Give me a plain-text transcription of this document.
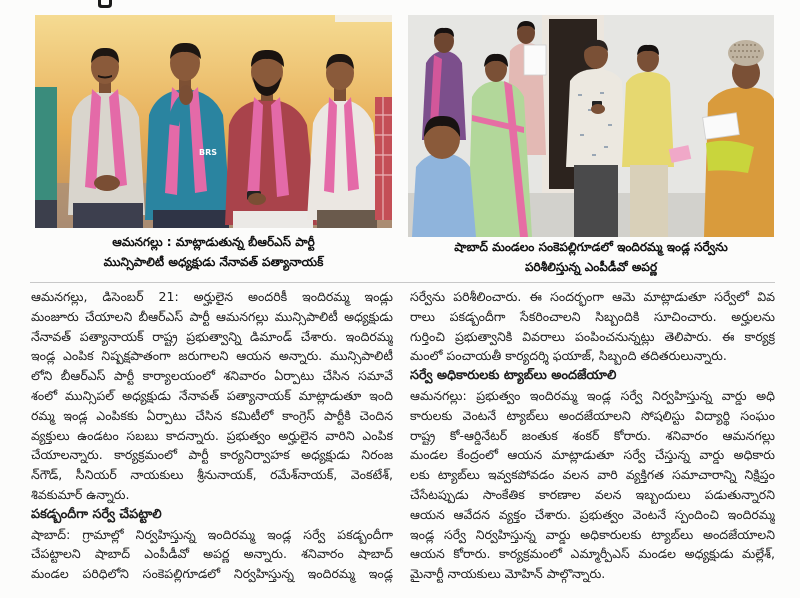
BRS
ఆమనగల్లు : మాట్లాడుతున్న బీఆర్ఎస్ పార్టీ
మున్సిపాలిటీ అధ్యక్షుడు నేనావత్ పత్యానాయక్
షాబాద్ మండలం సంకెపల్లిగూడలో ఇందిరమ్మ ఇండ్ల సర్వేను
పరిశీలిస్తున్న ఎంపీడీవో అపర్ణ
ఆమనగల్లు, డిసెంబర్ 21: అర్హులైన అందరికీ ఇందిరమ్మ ఇండ్లు
మంజూరు చేయాలని బీఆర్ఎస్ పార్టీ ఆమనగల్లు మున్సిపాలిటీ అధ్యక్షుడు
నేనావత్ పత్యానాయక్ రాష్ట్ర ప్రభుత్వాన్ని డిమాండ్ చేశారు. ఇందిరమ్మ
ఇండ్ల ఎంపిక నిష్పక్షపాతంగా జరుగాలని ఆయన అన్నారు. మున్సిపాలిటీ
లోని బీఆర్ఎస్ పార్టీ కార్యాలయంలో శనివారం ఏర్పాటు చేసిన సమావే
శంలో మున్సిపల్ అధ్యక్షుడు నేనావత్ పత్యానాయక్ మాట్లాడుతూ ఇంది
రమ్మ ఇండ్ల ఎంపికకు ఏర్పాటు చేసిన కమిటీలో కాంగ్రెస్ పార్టీకి చెందిన
వ్యక్తులు ఉండటం సబబు కాదన్నారు. ప్రభుత్వం అర్హులైన వారిని ఎంపిక
చేయాలన్నారు. కార్యక్రమంలో పార్టీ కార్యనిర్వాహక అధ్యక్షుడు నిరంజ
న్‌గౌడ్, సీనియర్ నాయకులు శ్రీనునాయక్, రమేశ్‌నాయక్, వెంకటేశ్,
శివకుమార్ ఉన్నారు.
పకడ్బందీగా సర్వే చేపట్టాలి
షాబాద్: గ్రామాల్లో నిర్వహిస్తున్న ఇందిరమ్మ ఇండ్ల సర్వే పకడ్బందీగా
చేపట్టాలని షాబాద్ ఎంపీడీవో అపర్ణ అన్నారు. శనివారం షాబాద్
మండల పరిధిలోని సంకెపల్లిగూడలో నిర్వహిస్తున్న ఇందిరమ్మ ఇండ్ల
సర్వేను పరిశీలించారు. ఈ సందర్భంగా ఆమె మాట్లాడుతూ సర్వేలో వివ
రాలు పకడ్బందీగా సేకరించాలని సిబ్బందికి సూచించారు. అర్హులను
గుర్తించి ప్రభుత్వానికి వివరాలు పంపించనున్నట్లు తెలిపారు. ఈ కార్యక్ర
మంలో పంచాయతీ కార్యదర్శి ఫయాజ్, సిబ్బంది తదితరులున్నారు.
సర్వే అధికారులకు ట్యాబ్‌లు అందజేయాలి
ఆమనగల్లు: ప్రభుత్వం ఇందిరమ్మ ఇండ్ల సర్వే నిర్వహిస్తున్న వార్డు అధి
కారులకు వెంటనే ట్యాబ్‌లు అందజేయాలని సోషలిస్టు విద్యార్థి సంఘం
రాష్ట్ర కో-ఆర్డినేటర్ జంతుక శంకర్ కోరారు. శనివారం ఆమనగల్లు
మండల కేంద్రంలో ఆయన మాట్లాడుతూ సర్వే చేస్తున్న వార్డు అధికారు
లకు ట్యాబ్‌లు ఇవ్వకపోవడం వలన వారి వ్యక్తిగత సమాచారాన్ని నిక్షిప్తం
చేసేటప్పుడు సాంకేతిక కారణాల వలన ఇబ్బందులు పడుతున్నారని
ఆయన ఆవేదన వ్యక్తం చేశారు. ప్రభుత్వం వెంటనే స్పందించి ఇందిరమ్మ
ఇండ్ల సర్వే నిర్వహిస్తున్న వార్డు అధికారులకు ట్యాబ్‌లు అందజేయాలని
ఆయన కోరారు. కార్యక్రమంలో ఎమ్మార్పీఎస్ మండల అధ్యక్షుడు మల్లేశ్,
మైనార్టీ నాయకులు మోహిన్ పాల్గొన్నారు.
